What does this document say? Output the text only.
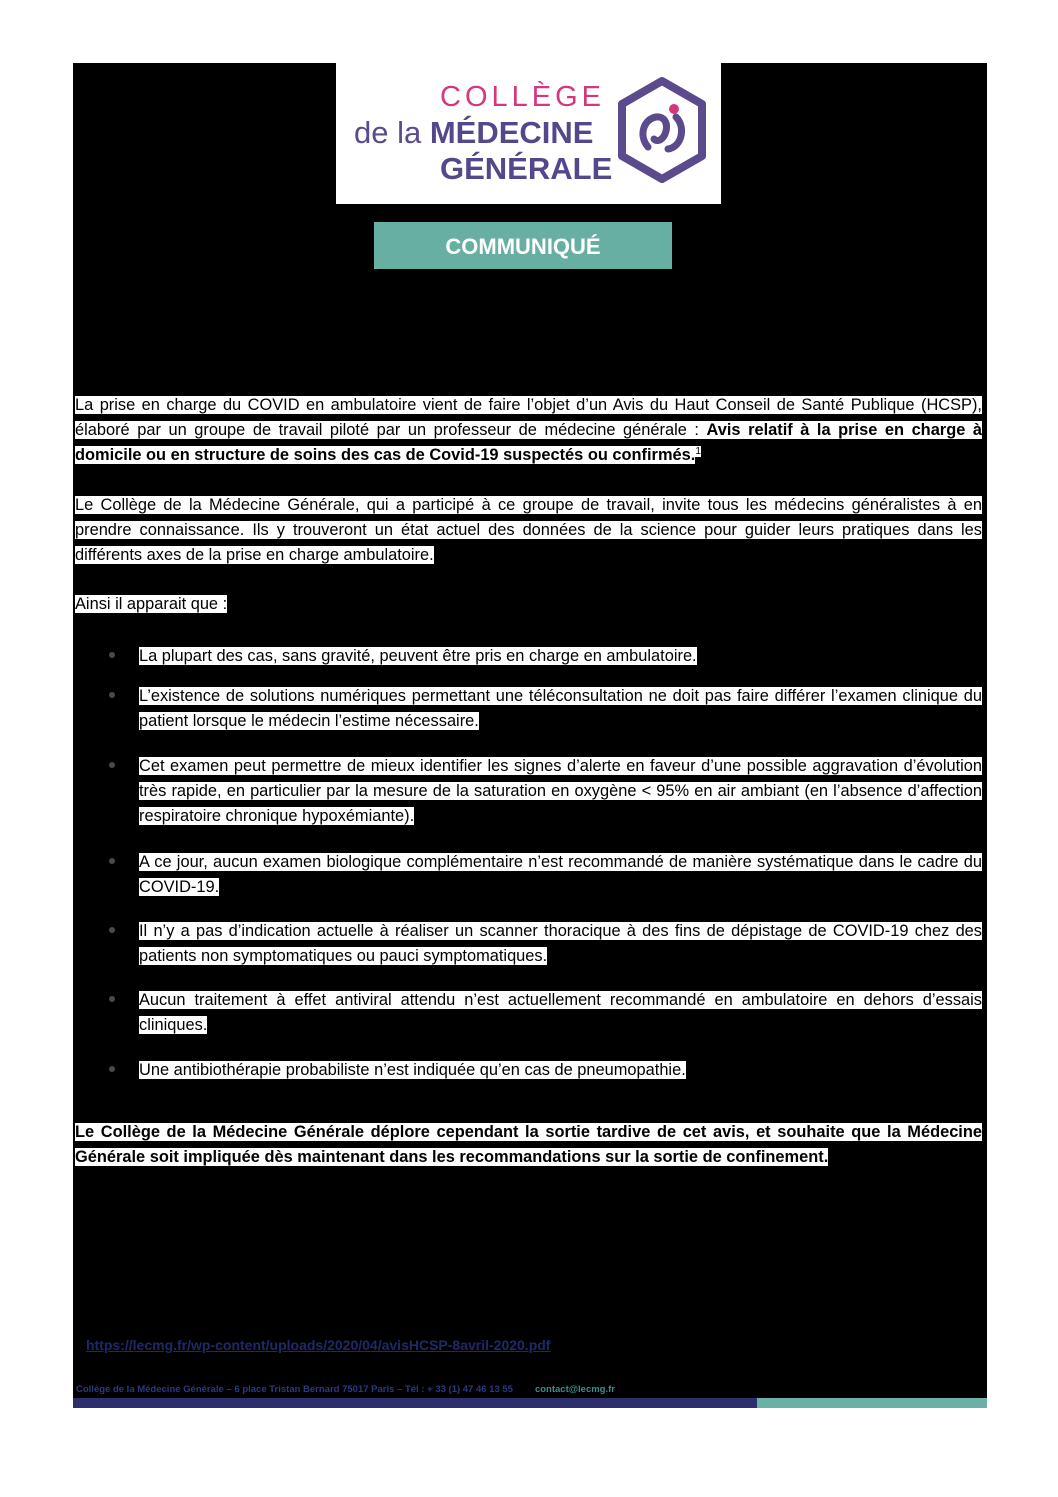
COLLÈGE
de la MÉDECINE
GÉNÉRALE
COMMUNIQUÉ
La prise en charge du COVID en ambulatoire vient de faire l’objet d’un Avis du Haut Conseil de Santé Publique (HCSP), élaboré par un groupe de travail piloté par un professeur de médecine générale : Avis relatif à la prise en charge à domicile ou en structure de soins des cas de Covid-19 suspectés ou confirmés.$^1$
Le Collège de la Médecine Générale, qui a participé à ce groupe de travail, invite tous les médecins généralistes à en prendre connaissance. Ils y trouveront un état actuel des données de la science pour guider leurs pratiques dans les différents axes de la prise en charge ambulatoire.
Ainsi il apparait que :
La plupart des cas, sans gravité, peuvent être pris en charge en ambulatoire.
L’existence de solutions numériques permettant une téléconsultation ne doit pas faire différer l’examen clinique du patient lorsque le médecin l’estime nécessaire.
Cet examen peut permettre de mieux identifier les signes d’alerte en faveur d’une possible aggravation d’évolution très rapide, en particulier par la mesure de la saturation en oxygène < 95% en air ambiant (en l’absence d’affection respiratoire chronique hypoxémiante).
A ce jour, aucun examen biologique complémentaire n’est recommandé de manière systématique dans le cadre du COVID-19.
Il n’y a pas d’indication actuelle à réaliser un scanner thoracique à des fins de dépistage de COVID-19 chez des patients non symptomatiques ou pauci symptomatiques.
Aucun traitement à effet antiviral attendu n’est actuellement recommandé en ambulatoire en dehors d’essais cliniques.
Une antibiothérapie probabiliste n’est indiquée qu’en cas de pneumopathie.
Le Collège de la Médecine Générale déplore cependant la sortie tardive de cet avis, et souhaite que la Médecine Générale soit impliquée dès maintenant dans les recommandations sur la sortie de confinement.
https://lecmg.fr/wp-content/uploads/2020/04/avisHCSP-8avril-2020.pdf
Collège de la Médecine Générale – 6 place Tristan Bernard 75017 Paris – Tél : + 33 (1) 47 46 13 55 contact@lecmg.fr
